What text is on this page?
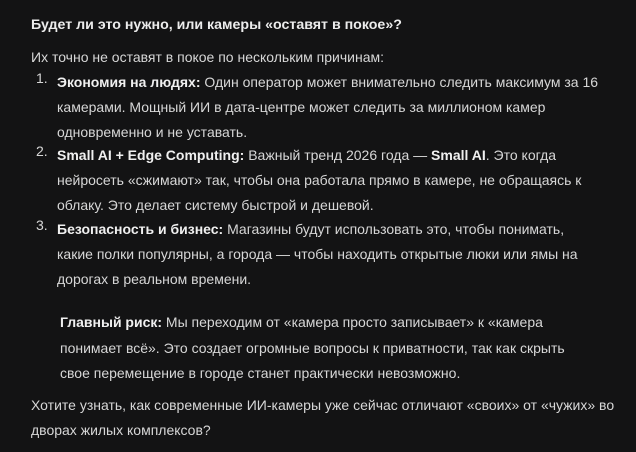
Будет ли это нужно, или камеры «оставят в покое»?
Их точно не оставят в покое по нескольким причинам:
1. Экономия на людях: Один оператор может внимательно следить максимум за 16 камерами. Мощный ИИ в дата-центре может следить за миллионом камер одновременно и не уставать.
2. Small AI + Edge Computing: Важный тренд 2026 года — Small AI. Это когда нейросеть «сжимают» так, чтобы она работала прямо в камере, не обращаясь к облаку. Это делает систему быстрой и дешевой.
3. Безопасность и бизнес: Магазины будут использовать это, чтобы понимать, какие полки популярны, а города — чтобы находить открытые люки или ямы на дорогах в реальном времени.
Главный риск: Мы переходим от «камера просто записывает» к «камера понимает всё». Это создает огромные вопросы к приватности, так как скрыть свое перемещение в городе станет практически невозможно.
Хотите узнать, как современные ИИ-камеры уже сейчас отличают «своих» от «чужих» во дворах жилых комплексов?
